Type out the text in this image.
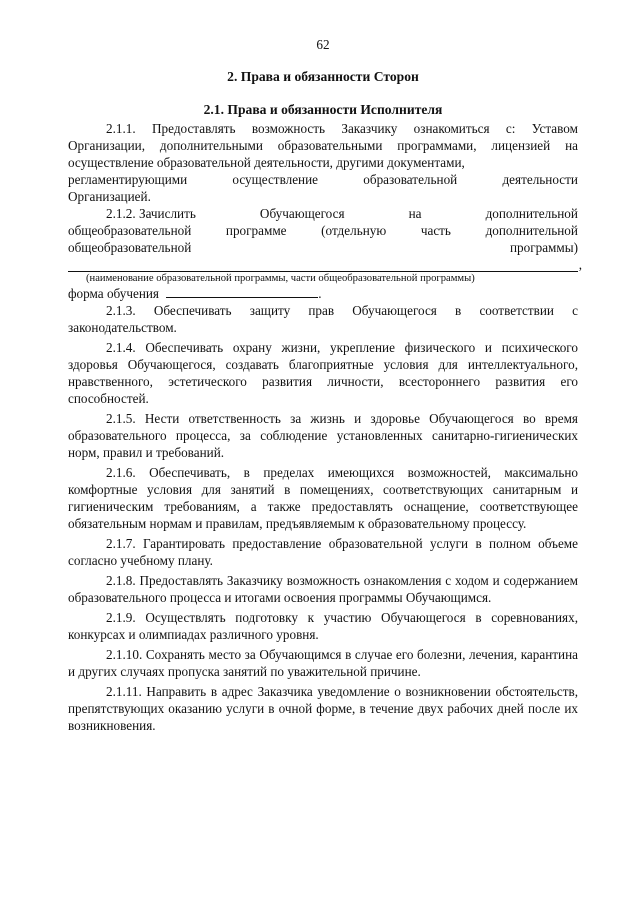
62
2. Права и обязанности Сторон
2.1. Права и обязанности Исполнителя

2.1.1. Предоставлять возможность Заказчику ознакомиться с: Уставом Организации, дополнительными образовательными программами, лицензией на осуществление образовательной деятельности, другими документами,

регламентирующими	осуществление	образовательной	деятельности
Организацией.
2.1.2. Зачислить	Обучающегося	на	дополнительной
общеобразовательной	программе	(отдельную	часть	дополнительной
общеобразовательной	программы)
,
(наименование образовательной программы, части общеобразовательной программы)
форма обучения	.

2.1.3. Обеспечивать защиту прав Обучающегося в соответствии с законодательством.

2.1.4. Обеспечивать охрану жизни, укрепление физического и психического здоровья Обучающегося, создавать благоприятные условия для интеллектуального, нравственного, эстетического развития личности, всестороннего развития его способностей.

2.1.5. Нести ответственность за жизнь и здоровье Обучающегося во время образовательного процесса, за соблюдение установленных санитарно-гигиенических норм, правил и требований.

2.1.6. Обеспечивать, в пределах имеющихся возможностей, максимально комфортные условия для занятий в помещениях, соответствующих санитарным и гигиеническим требованиям, а также предоставлять оснащение, соответствующее обязательным нормам и правилам, предъявляемым к образовательному процессу.

2.1.7. Гарантировать предоставление образовательной услуги в полном объеме согласно учебному плану.

2.1.8. Предоставлять Заказчику возможность ознакомления с ходом и содержанием образовательного процесса и итогами освоения программы Обучающимся.

2.1.9. Осуществлять подготовку к участию Обучающегося в соревнованиях, конкурсах и олимпиадах различного уровня.

2.1.10. Сохранять место за Обучающимся в случае его болезни, лечения, карантина и других случаях пропуска занятий по уважительной причине.

2.1.11. Направить в адрес Заказчика уведомление о возникновении обстоятельств, препятствующих оказанию услуги в очной форме, в течение двух рабочих дней после их возникновения.
